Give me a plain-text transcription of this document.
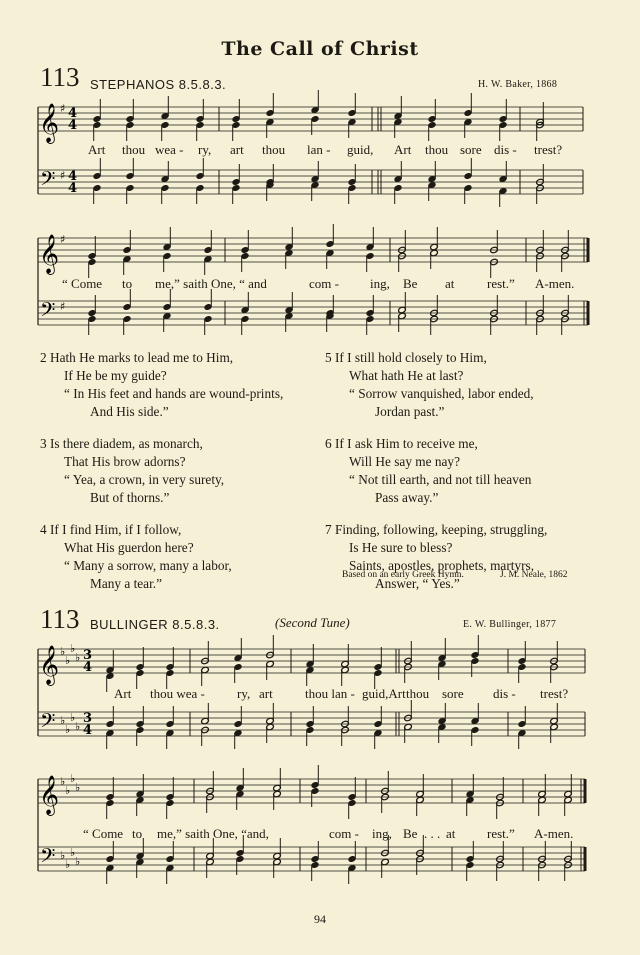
The Call of Christ
113 STEPHANOS 8.5.8.3.	H. W. Baker, 1868
𝄞
𝄢
♯
♯
4
4
4
4
Art thou wea - ry, art thou lan - guid, Art thou sore dis - trest?
𝄞
𝄢
♯
♯
“ Come to me,” saith One, “ and	com - ing, Be at	rest.” A-men.
2 Hath He marks to lead me to Him,
If He be my guide?
“ In His feet and hands are wound-prints,
And His side.”
3 Is there diadem, as monarch,
That His brow adorns?
“ Yea, a crown, in very surety,
But of thorns.”
4 If I find Him, if I follow,
What His guerdon here?
“ Many a sorrow, many a labor,
Many a tear.”
5 If I still hold closely to Him,
What hath He at last?
“ Sorrow vanquished, labor ended,
Jordan past.”
6 If I ask Him to receive me,
Will He say me nay?
“ Not till earth, and not till heaven
Pass away.”
7 Finding, following, keeping, struggling,
Is He sure to bless?
Saints, apostles, prophets, martyrs,
Answer, “ Yes.”
Based on an early Greek Hymn.	J. M. Neale, 1862
113 BULLINGER 8.5.8.3.	(Second Tune)	E. W. Bullinger, 1877
𝄞
𝄢
♭
♭
♭
♭
♭
♭
♭
♭
3
4
3
4
Art thou wea - ry, art thou lan - guid,Art thou sore dis - trest?
𝄞
𝄢
♭
♭
♭
♭
♭
♭
♭
♭
“ Come to me,” saith One, “and,	com - ing, Be . . . at rest.” A-men.
94
